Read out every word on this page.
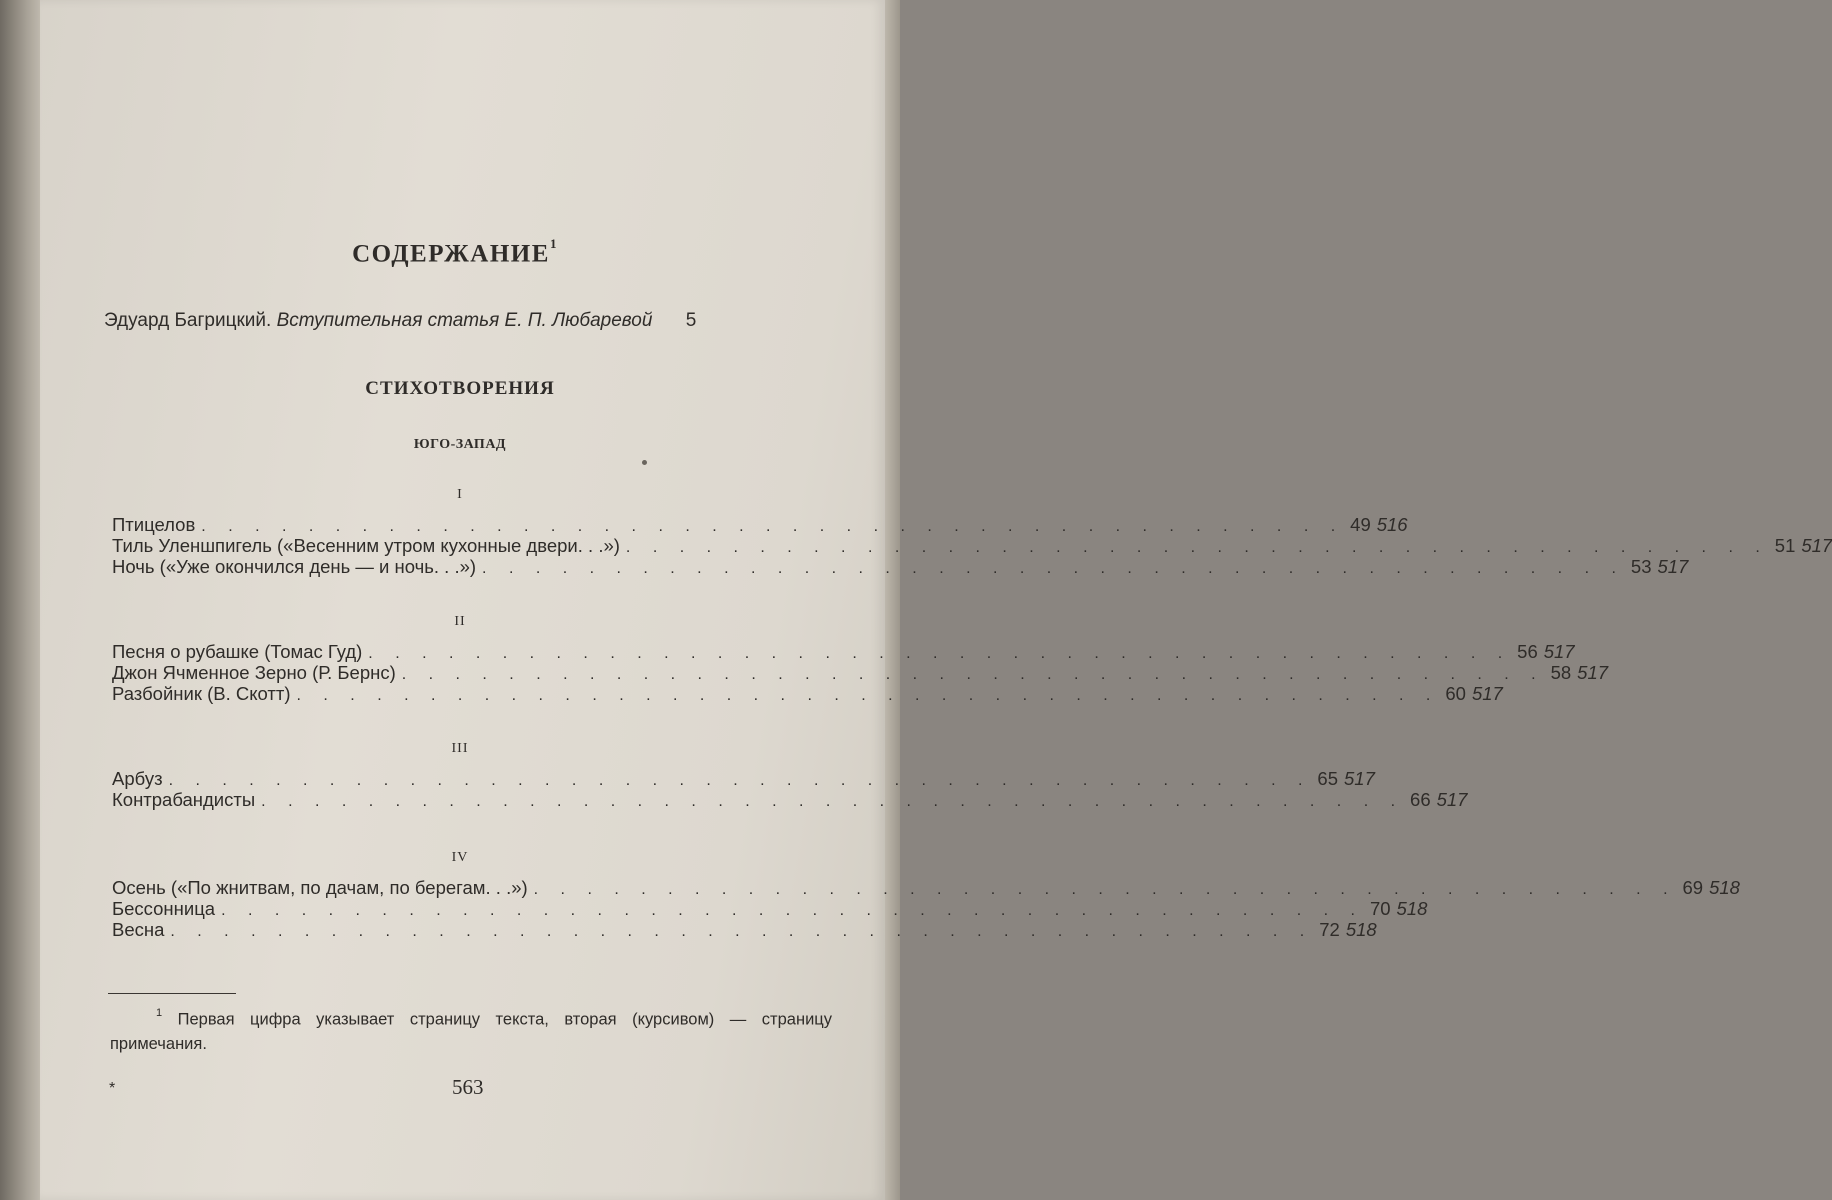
СОДЕРЖАНИЕ$^1$
Эдуард Багрицкий. Вступительная статья Е. П. Любаревой 5
СТИХОТВОРЕНИЯ
ЮГО-ЗАПАД
I
Птицелов . . . . . . . . . . . . . . . . . . . . . . . . . . . . . . . . . . . . . . . . . . . 49 516
Тиль Уленшпигель («Весенним утром кухонные двери. . .») . . . . . . . . . . . . . . . . . . . . . . . . . . . . . . . . . . . . . . . . . . . 51 517
Ночь («Уже окончился день — и ночь. . .») . . . . . . . . . . . . . . . . . . . . . . . . . . . . . . . . . . . . . . . . . . . 53 517
II
Песня о рубашке (Томас Гуд) . . . . . . . . . . . . . . . . . . . . . . . . . . . . . . . . . . . . . . . . . . . 56 517
Джон Ячменное Зерно (Р. Бернс) . . . . . . . . . . . . . . . . . . . . . . . . . . . . . . . . . . . . . . . . . . . 58 517
Разбойник (В. Скотт) . . . . . . . . . . . . . . . . . . . . . . . . . . . . . . . . . . . . . . . . . . . 60 517
III
Арбуз . . . . . . . . . . . . . . . . . . . . . . . . . . . . . . . . . . . . . . . . . . . 65 517
Контрабандисты . . . . . . . . . . . . . . . . . . . . . . . . . . . . . . . . . . . . . . . . . . . 66 517
IV
Осень («По жнитвам, по дачам, по берегам. . .») . . . . . . . . . . . . . . . . . . . . . . . . . . . . . . . . . . . . . . . . . . . 69 518
Бессонница . . . . . . . . . . . . . . . . . . . . . . . . . . . . . . . . . . . . . . . . . . . 70 518
Весна . . . . . . . . . . . . . . . . . . . . . . . . . . . . . . . . . . . . . . . . . . . 72 518
$^1$ Первая цифра указывает страницу текста, вторая (курсивом) — страницу примечания.
*	563
